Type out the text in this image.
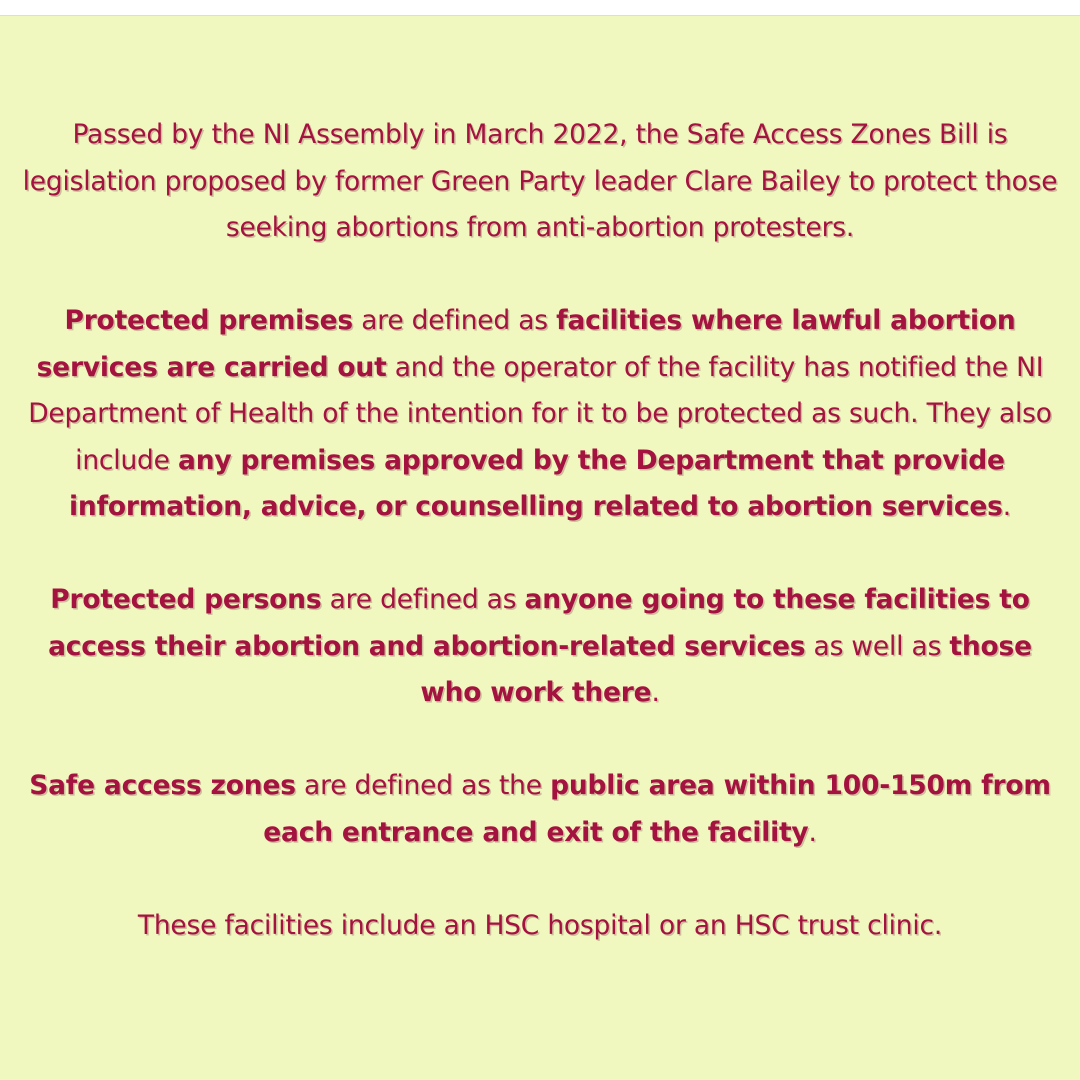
Passed by the NI Assembly in March 2022, the Safe Access Zones Bill is legislation proposed by former Green Party leader Clare Bailey to protect those seeking abortions from anti-abortion protesters.

Protected premises are defined as facilities where lawful abortion services are carried out and the operator of the facility has notified the NI Department of Health of the intention for it to be protected as such. They also include any premises approved by the Department that provide information, advice, or counselling related to abortion services.

Protected persons are defined as anyone going to these facilities to access their abortion and abortion-related services as well as those who work there.

Safe access zones are defined as the public area within 100-150m from each entrance and exit of the facility.

These facilities include an HSC hospital or an HSC trust clinic.
